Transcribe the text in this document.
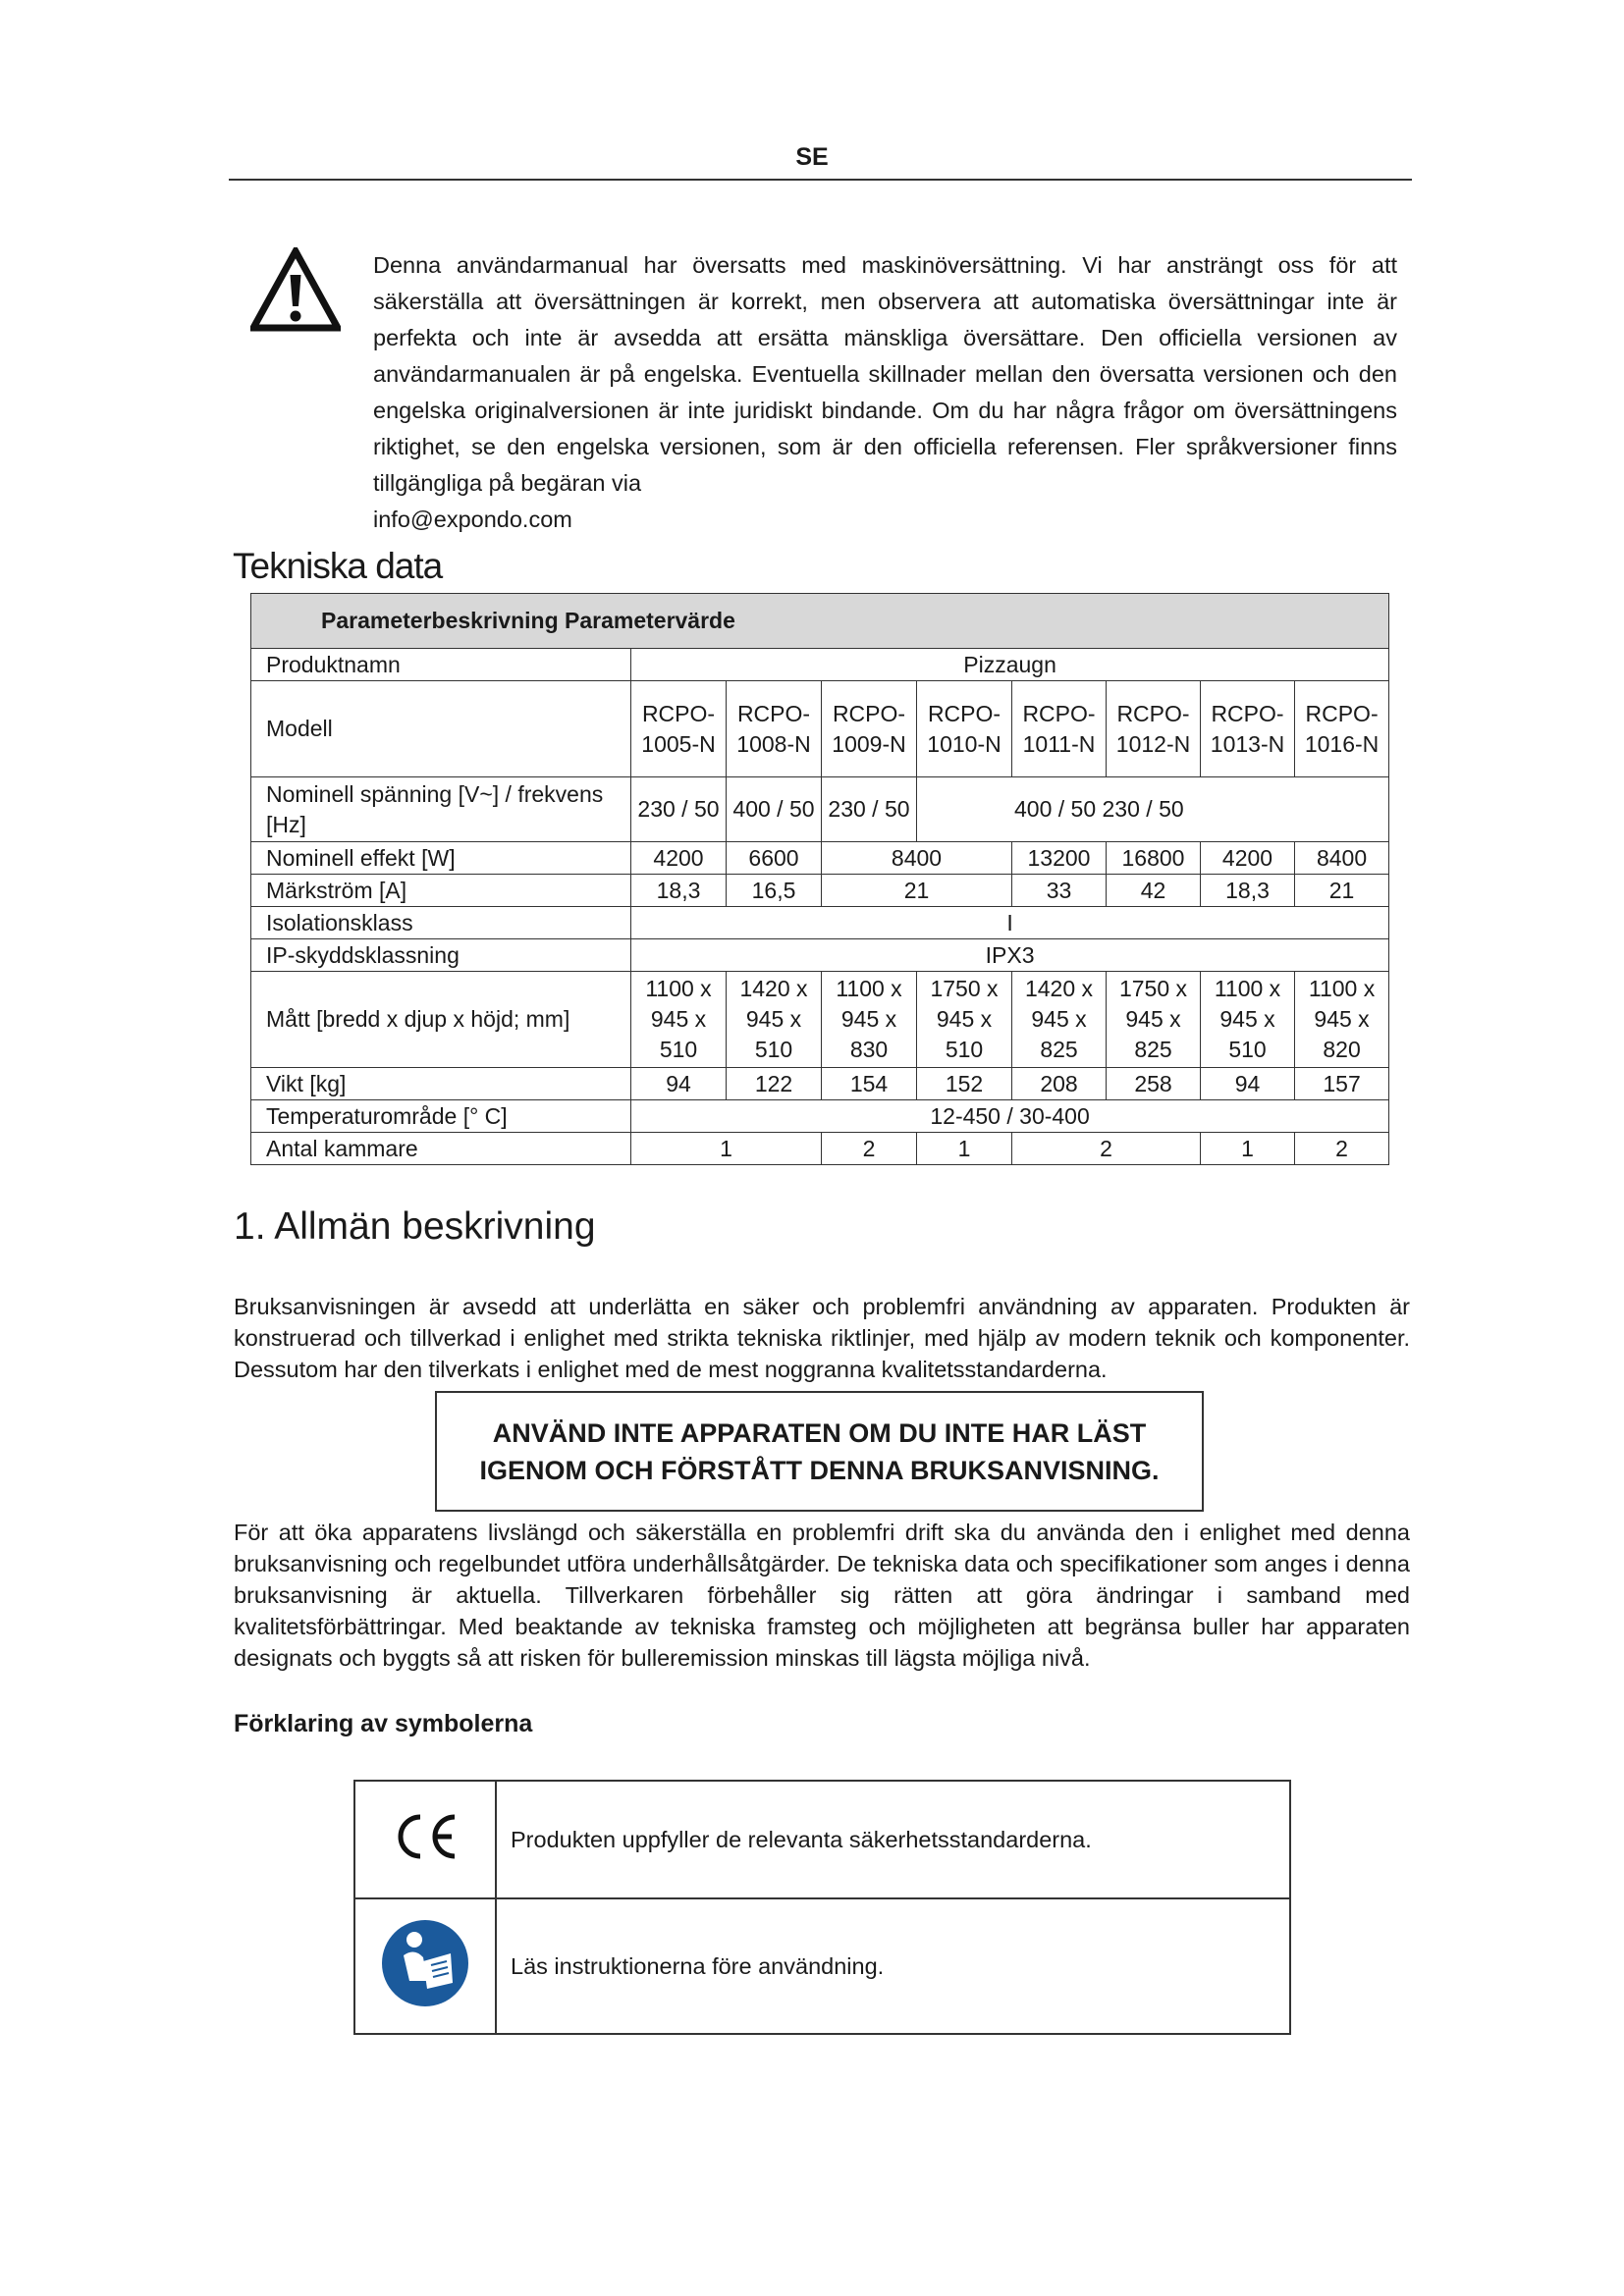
SE

Denna användarmanual har översatts med maskinöversättning. Vi har ansträngt oss för att

säkerställa att översättningen är korrekt, men observera att automatiska översättningar inte är

perfekta och inte är avsedda att ersätta mänskliga översättare. Den officiella versionen av

användarmanualen är på engelska. Eventuella skillnader mellan den översatta versionen och den

engelska originalversionen är inte juridiskt bindande. Om du har några frågor om översättningens

riktighet, se den engelska versionen, som är den officiella referensen. Fler språkversioner finns

tillgängliga på begäran via

info@expondo.com

Tekniska data
Parameterbeskrivning Parametervärde								
Produktnamn	Pizzaugn							
Modell	RCPO-1005-N	RCPO-1008-N	RCPO-1009-N	RCPO-1010-N	RCPO-1011-N	RCPO-1012-N	RCPO-1013-N	RCPO-1016-N
Nominell spänning [V~] / frekvens [Hz]	230 / 50	400 / 50	230 / 50	400 / 50 230 / 50				
Nominell effekt [W]	4200	6600	8400		13200	16800	4200	8400
Märkström [A]	18,3	16,5	21		33	42	18,3	21
Isolationsklass	I							
IP-skyddsklassning	IPX3							
Mått [bredd x djup x höjd; mm]	1100 x 945 x 510	1420 x 945 x 510	1100 x 945 x 830	1750 x 945 x 510	1420 x 945 x 825	1750 x 945 x 825	1100 x 945 x 510	1100 x 945 x 820
Vikt [kg]	94	122	154	152	208	258	94	157
Temperaturområde [° C]	12-450 / 30-400							
Antal kammare	1		2	1	2		1	2
1. Allmän beskrivning
Bruksanvisningen är avsedd att underlätta en säker och problemfri användning av apparaten. Produkten är konstruerad och tillverkad i enlighet med strikta tekniska riktlinjer, med hjälp av modern teknik och komponenter. Dessutom har den tilverkats i enlighet med de mest noggranna kvalitetsstandarderna.
ANVÄND INTE APPARATEN OM DU INTE HAR LÄST
IGENOM OCH FÖRSTÅTT DENNA BRUKSANVISNING.
För att öka apparatens livslängd och säkerställa en problemfri drift ska du använda den i enlighet med denna bruksanvisning och regelbundet utföra underhållsåtgärder. De tekniska data och specifikationer som anges i denna bruksanvisning är aktuella. Tillverkaren förbehåller sig rätten att göra ändringar i samband med kvalitetsförbättringar. Med beaktande av tekniska framsteg och möjligheten att begränsa buller har apparaten designats och byggts så att risken för bulleremission minskas till lägsta möjliga nivå.
Förklaring av symbolerna
	Produkten uppfyller de relevanta säkerhetsstandarderna.
	Läs instruktionerna före användning.
